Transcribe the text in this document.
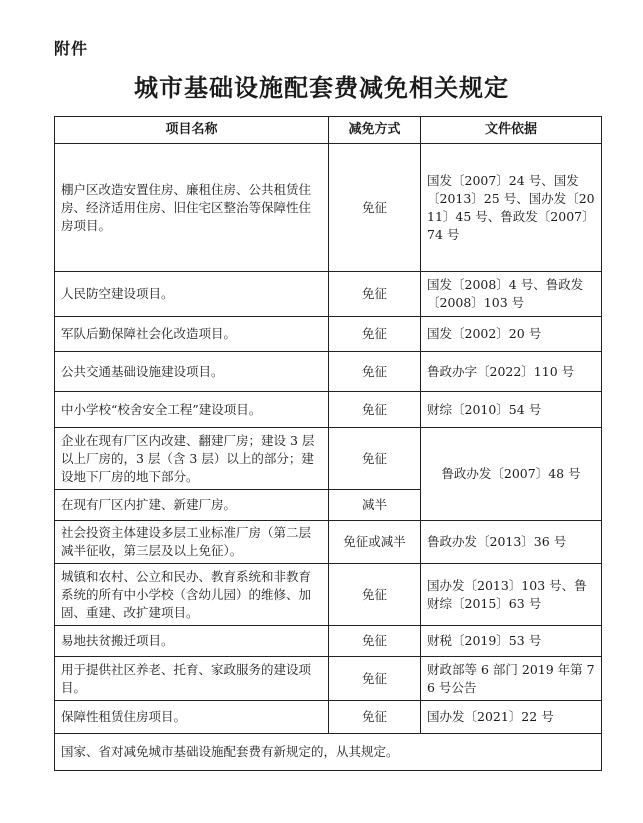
附件
城市基础设施配套费减免相关规定
项目名称	减免方式	文件依据
棚户区改造安置住房、廉租住房、公共租赁住房、经济适用住房、旧住宅区整治等保障性住房项目。	免征	国发〔2007〕24 号、国发〔2013〕25 号、国办发〔2011〕45 号、鲁政发〔2007〕74 号
人民防空建设项目。	免征	国发〔2008〕4 号、鲁政发〔2008〕103 号
军队后勤保障社会化改造项目。	免征	国发〔2002〕20 号
公共交通基础设施建设项目。	免征	鲁政办字〔2022〕110 号
中小学校“校舍安全工程”建设项目。	免征	财综〔2010〕54 号
企业在现有厂区内改建、翻建厂房；建设 3 层以上厂房的，3 层（含 3 层）以上的部分；建设地下厂房的地下部分。	免征	鲁政办发〔2007〕48 号
在现有厂区内扩建、新建厂房。	减半	
社会投资主体建设多层工业标准厂房（第二层减半征收，第三层及以上免征）。	免征或减半	鲁政办发〔2013〕36 号
城镇和农村、公立和民办、教育系统和非教育系统的所有中小学校（含幼儿园）的维修、加固、重建、改扩建项目。	免征	国办发〔2013〕103 号、鲁财综〔2015〕63 号
易地扶贫搬迁项目。	免征	财税〔2019〕53 号
用于提供社区养老、托育、家政服务的建设项目。	免征	财政部等 6 部门 2019 年第 76 号公告
保障性租赁住房项目。	免征	国办发〔2021〕22 号
国家、省对减免城市基础设施配套费有新规定的，从其规定。		
